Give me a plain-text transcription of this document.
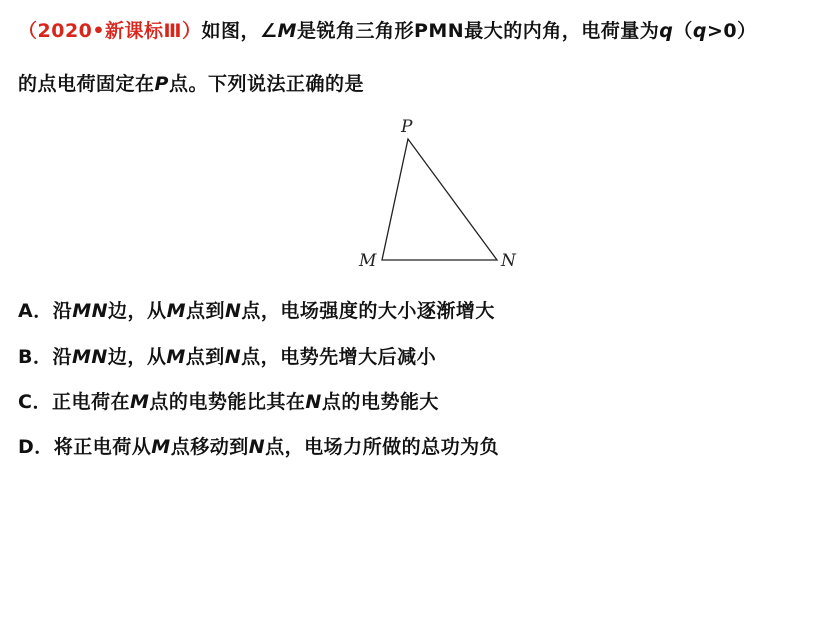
（2020•新课标Ⅲ）如图，∠M是锐角三角形PMN最大的内角，电荷量为q（q>0）
的点电荷固定在P点。下列说法正确的是
P
M	N
A．沿MN边，从M点到N点，电场强度的大小逐渐增大
B．沿MN边，从M点到N点，电势先增大后减小
C．正电荷在M点的电势能比其在N点的电势能大
D．将正电荷从M点移动到N点，电场力所做的总功为负
